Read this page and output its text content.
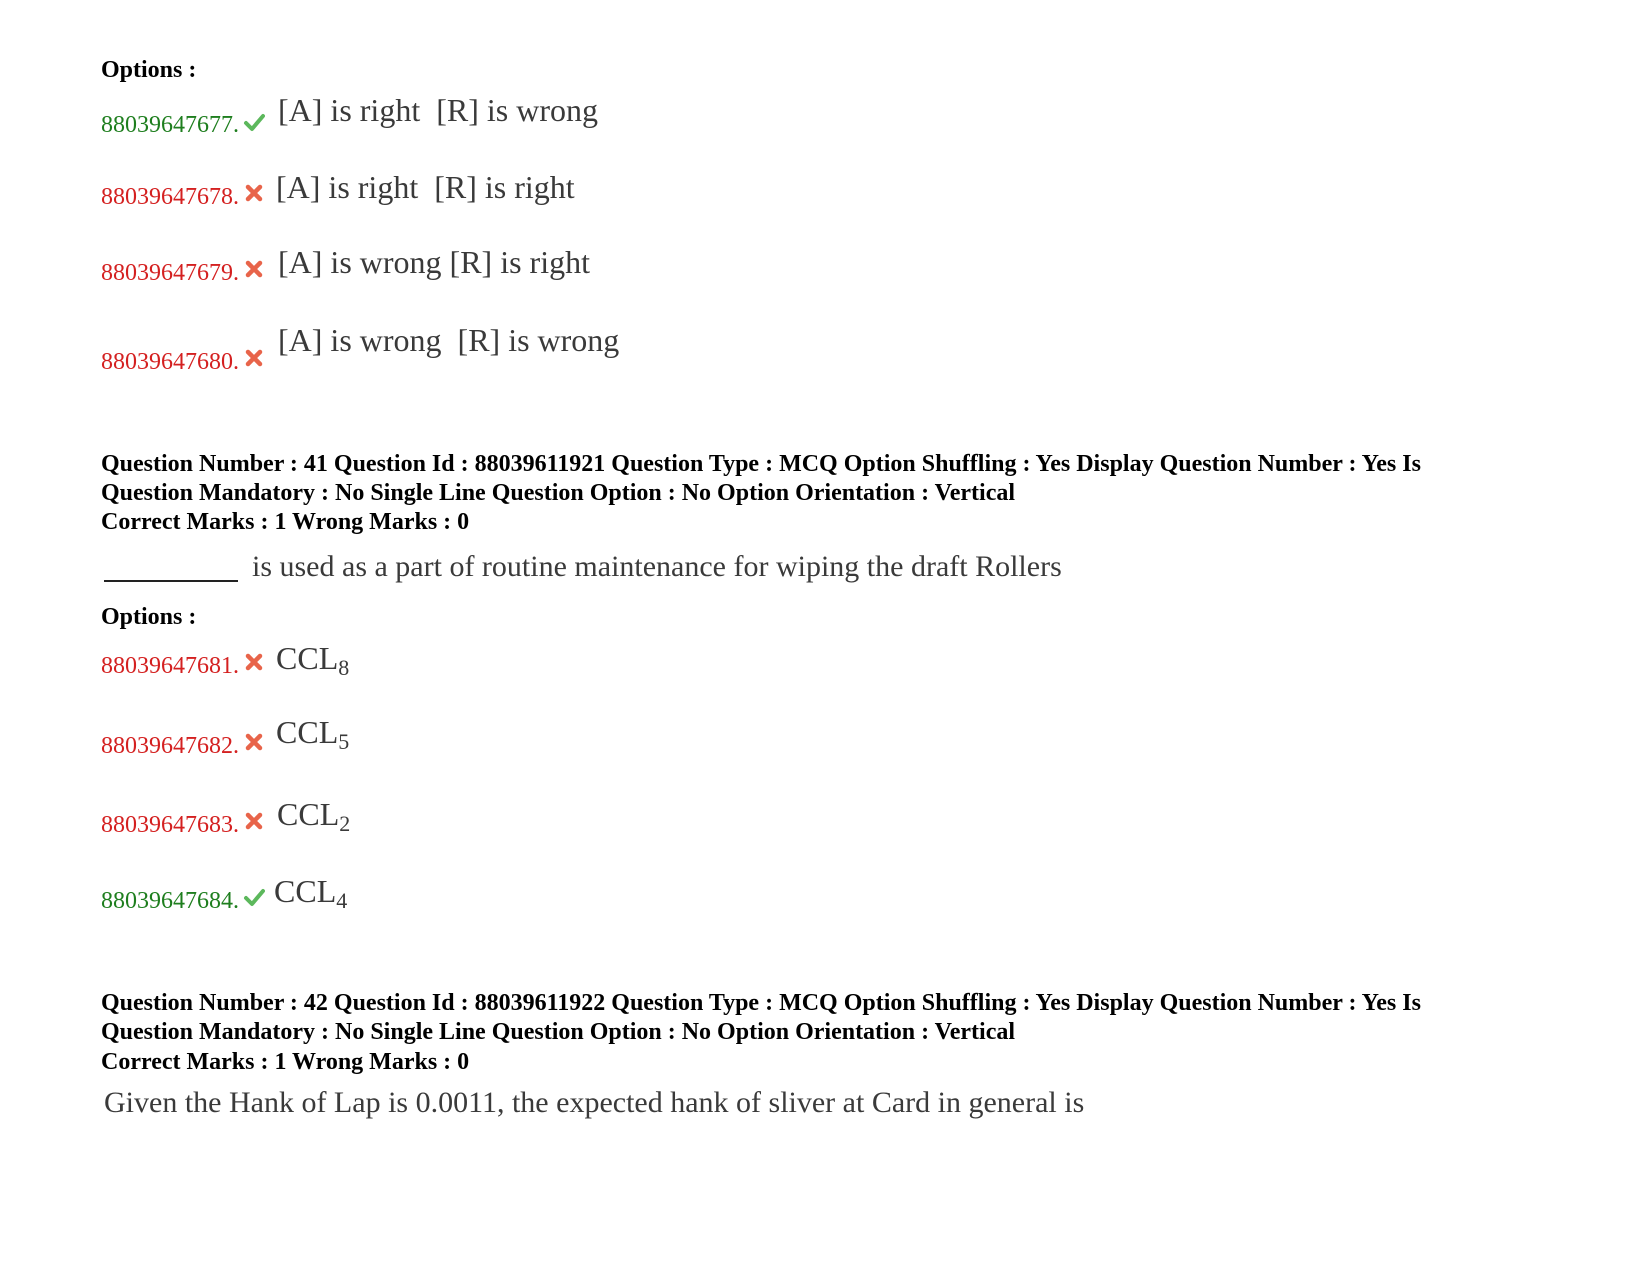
Options :
88039647677. [A] is right  [R] is wrong
88039647678. [A] is right  [R] is right
88039647679. [A] is wrong [R] is right
88039647680.
[A] is wrong  [R] is wrong
Question Number : 41 Question Id : 88039611921 Question Type : MCQ Option Shuffling : Yes Display Question Number : Yes Is
Question Mandatory : No Single Line Question Option : No Option Orientation : Vertical
Correct Marks : 1 Wrong Marks : 0
is used as a part of routine maintenance for wiping the draft Rollers
Options :
88039647681. $CCL_8$
88039647682. $CCL_5$
88039647683. $CCL_2$
88039647684. $CCL_4$
Question Number : 42 Question Id : 88039611922 Question Type : MCQ Option Shuffling : Yes Display Question Number : Yes Is
Question Mandatory : No Single Line Question Option : No Option Orientation : Vertical
Correct Marks : 1 Wrong Marks : 0
Given the Hank of Lap is 0.0011, the expected hank of sliver at Card in general is
